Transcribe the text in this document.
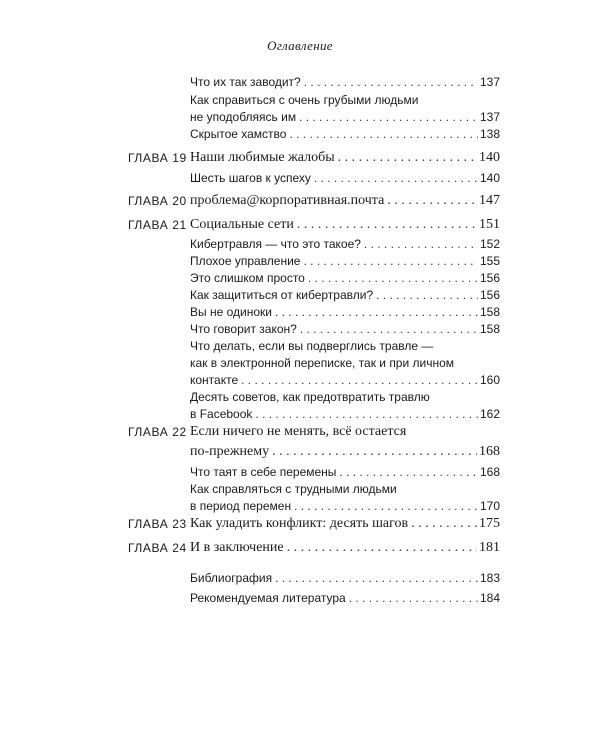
Оглавление
Что их так заводит? . . .	137
Как справиться с очень грубыми людьми
не уподобляясь им . . .	137
Скрытое хамство . . .	138
ГЛАВА 19 Наши любимые жалобы . . .	140
Шесть шагов к успеху . . .	140
ГЛАВА 20 проблема@корпоративная.почта . . .	147
ГЛАВА 21 Социальные сети . . .	151
Кибертравля — что это такое? . . .	152
Плохое управление . . .	155
Это слишком просто . . .	156
Как защититься от кибертравли? . . .	156
Вы не одиноки . . .	158
Что говорит закон? . . .	158
Что делать, если вы подверглись травле —
как в электронной переписке, так и при личном
контакте . . .	160
Десять советов, как предотвратить травлю
в Facebook . . .	162
ГЛАВА 22 Если ничего не менять, всё остается
по-прежнему . . .	168
Что таят в себе перемены . . .	168
Как справляться с трудными людьми
в период перемен . . .	170
ГЛАВА 23 Как уладить конфликт: десять шагов . . .	175
ГЛАВА 24 И в заключение . . .	181
Библиография . . .	183
Рекомендуемая литература . . .	184
